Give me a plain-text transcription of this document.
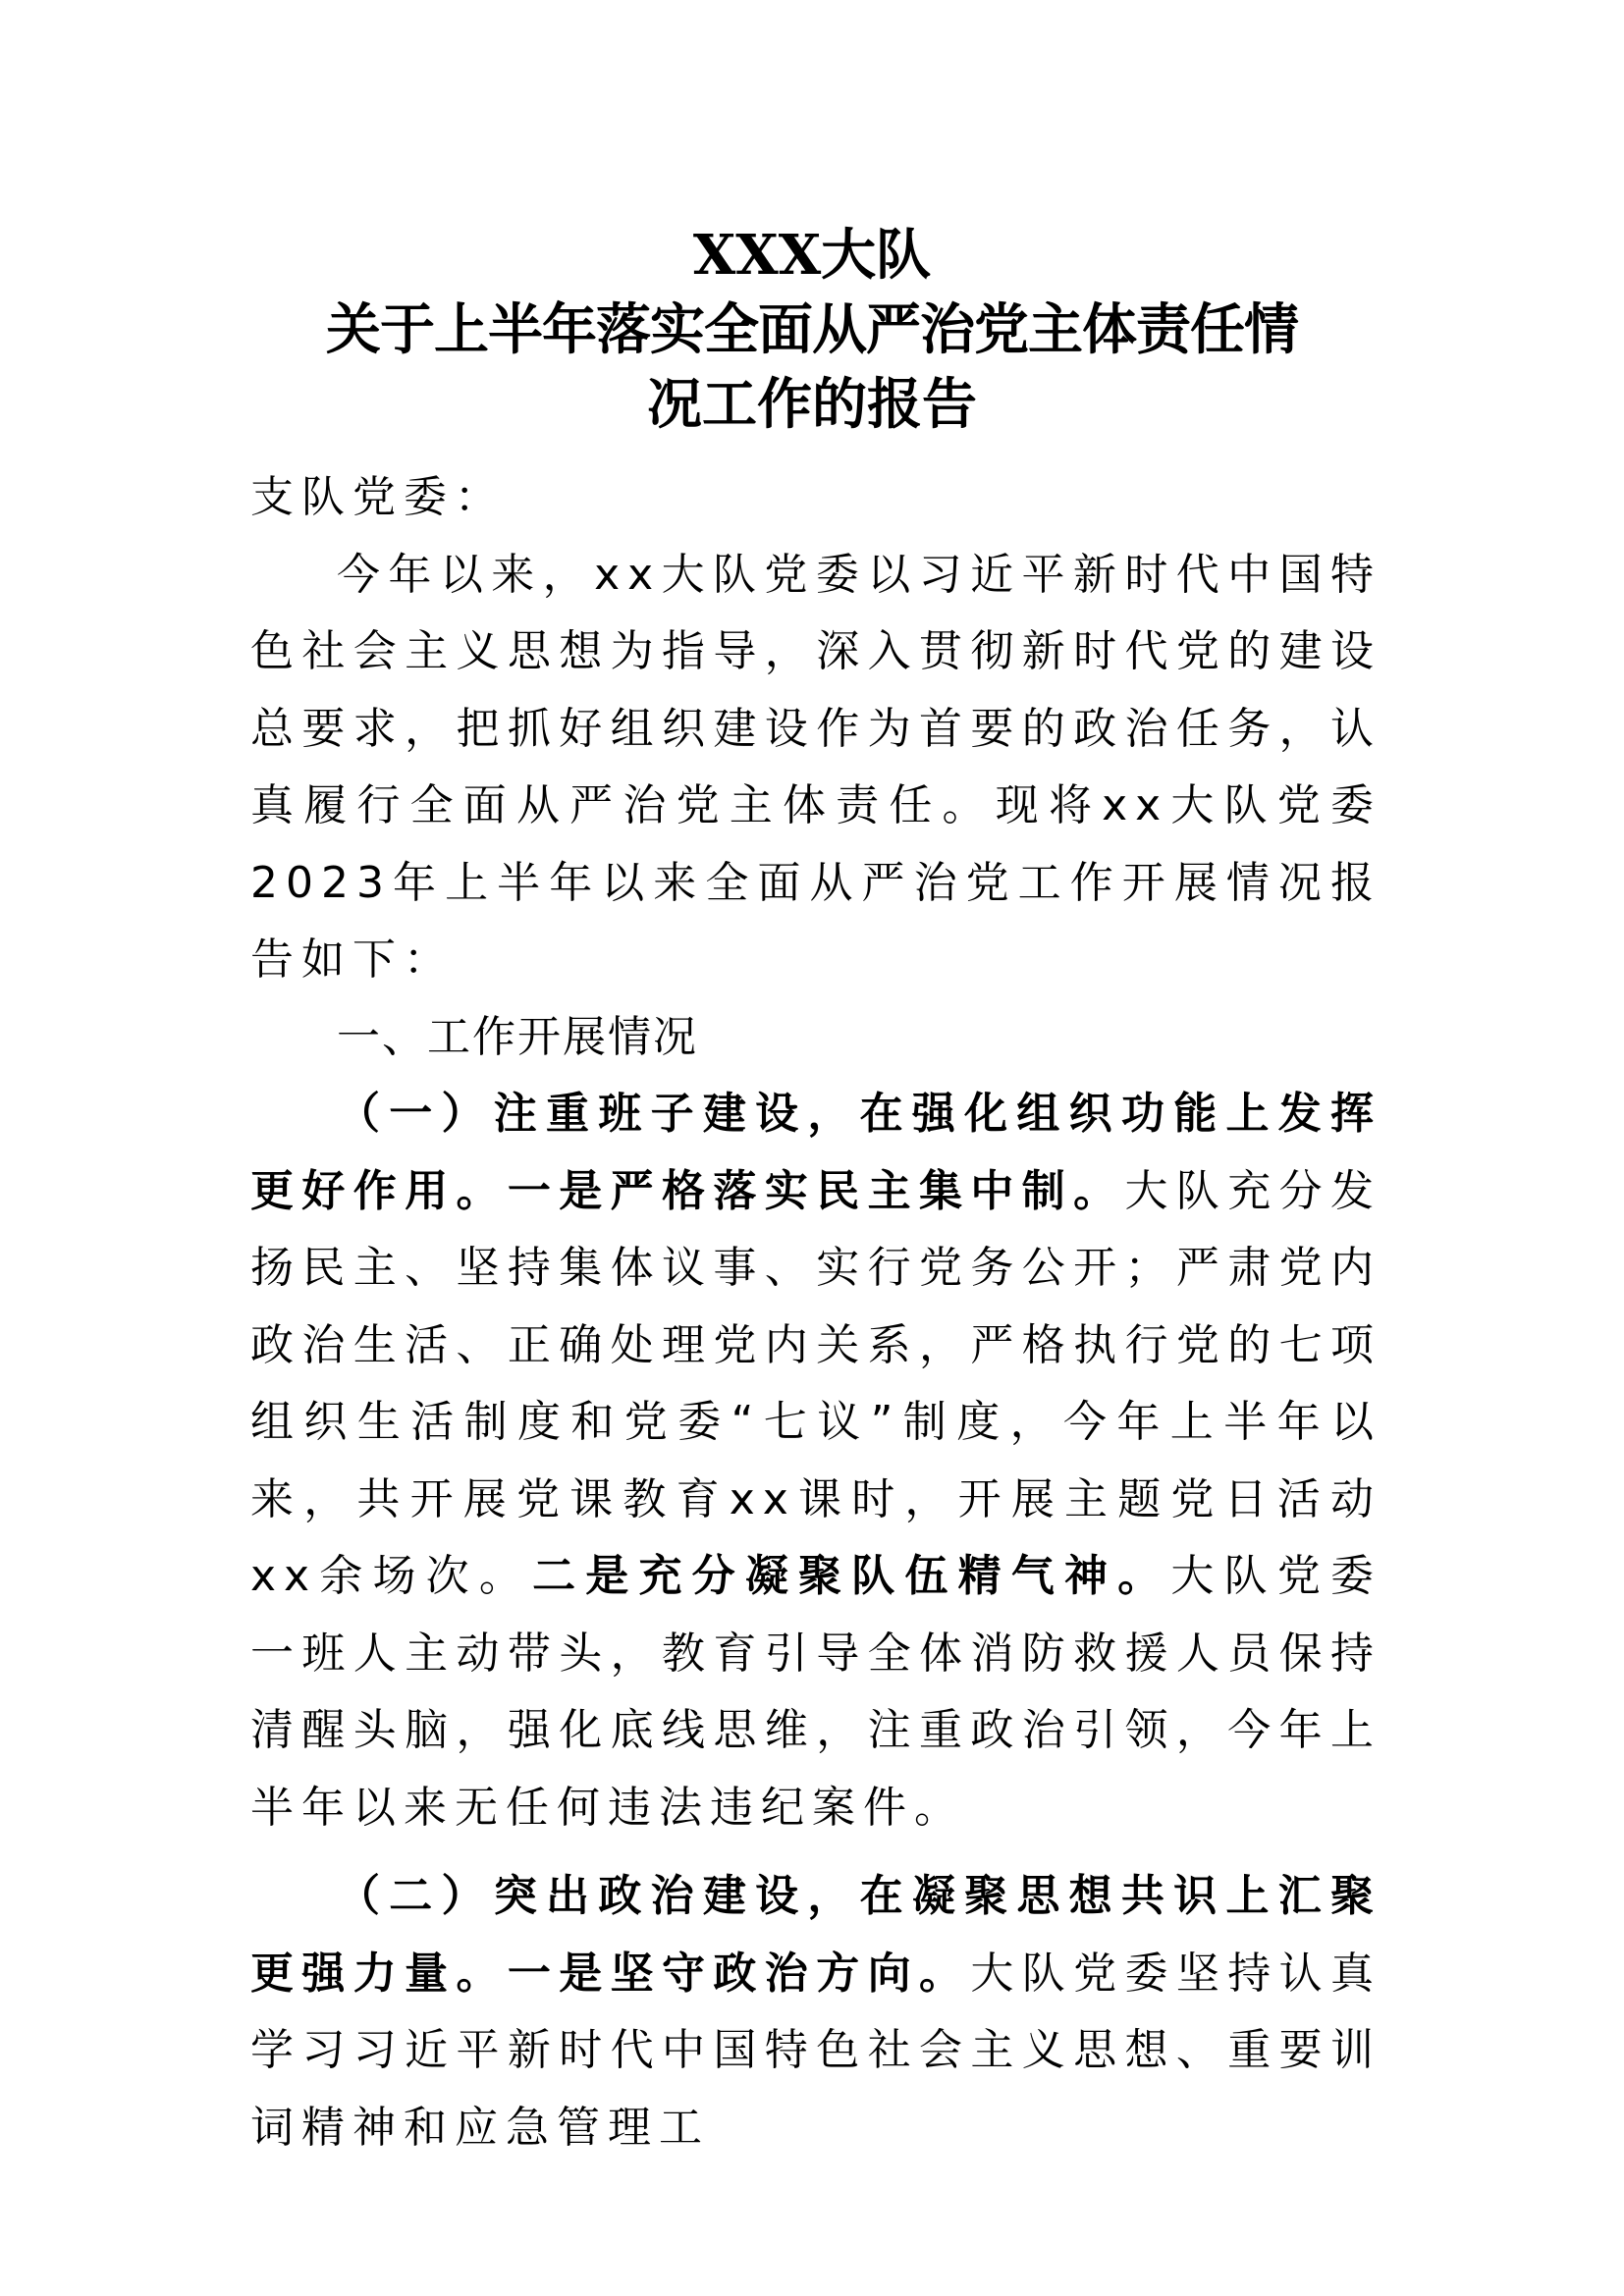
XXX大队
关于上半年落实全面从严治党主体责任情
况工作的报告
支队党委：

今年以来，xx大队党委以习近平新时代中国特色社会主义思想为指导，深入贯彻新时代党的建设总要求，把抓好组织建设作为首要的政治任务，认真履行全面从严治党主体责任。现将xx大队党委2023年上半年以来全面从严治党工作开展情况报告如下：

一、工作开展情况

（一）注重班子建设，在强化组织功能上发挥更好作用。一是严格落实民主集中制。大队充分发扬民主、坚持集体议事、实行党务公开；严肃党内政治生活、正确处理党内关系，严格执行党的七项组织生活制度和党委“七议”制度，今年上半年以来，共开展党课教育xx课时，开展主题党日活动xx余场次。二是充分凝聚队伍精气神。大队党委一班人主动带头，教育引导全体消防救援人员保持清醒头脑，强化底线思维，注重政治引领，今年上半年以来无任何违法违纪案件。

（二）突出政治建设，在凝聚思想共识上汇聚更强力量。一是坚守政治方向。大队党委坚持认真学习习近平新时代中国特色社会主义思想、重要训词精神和应急管理工
